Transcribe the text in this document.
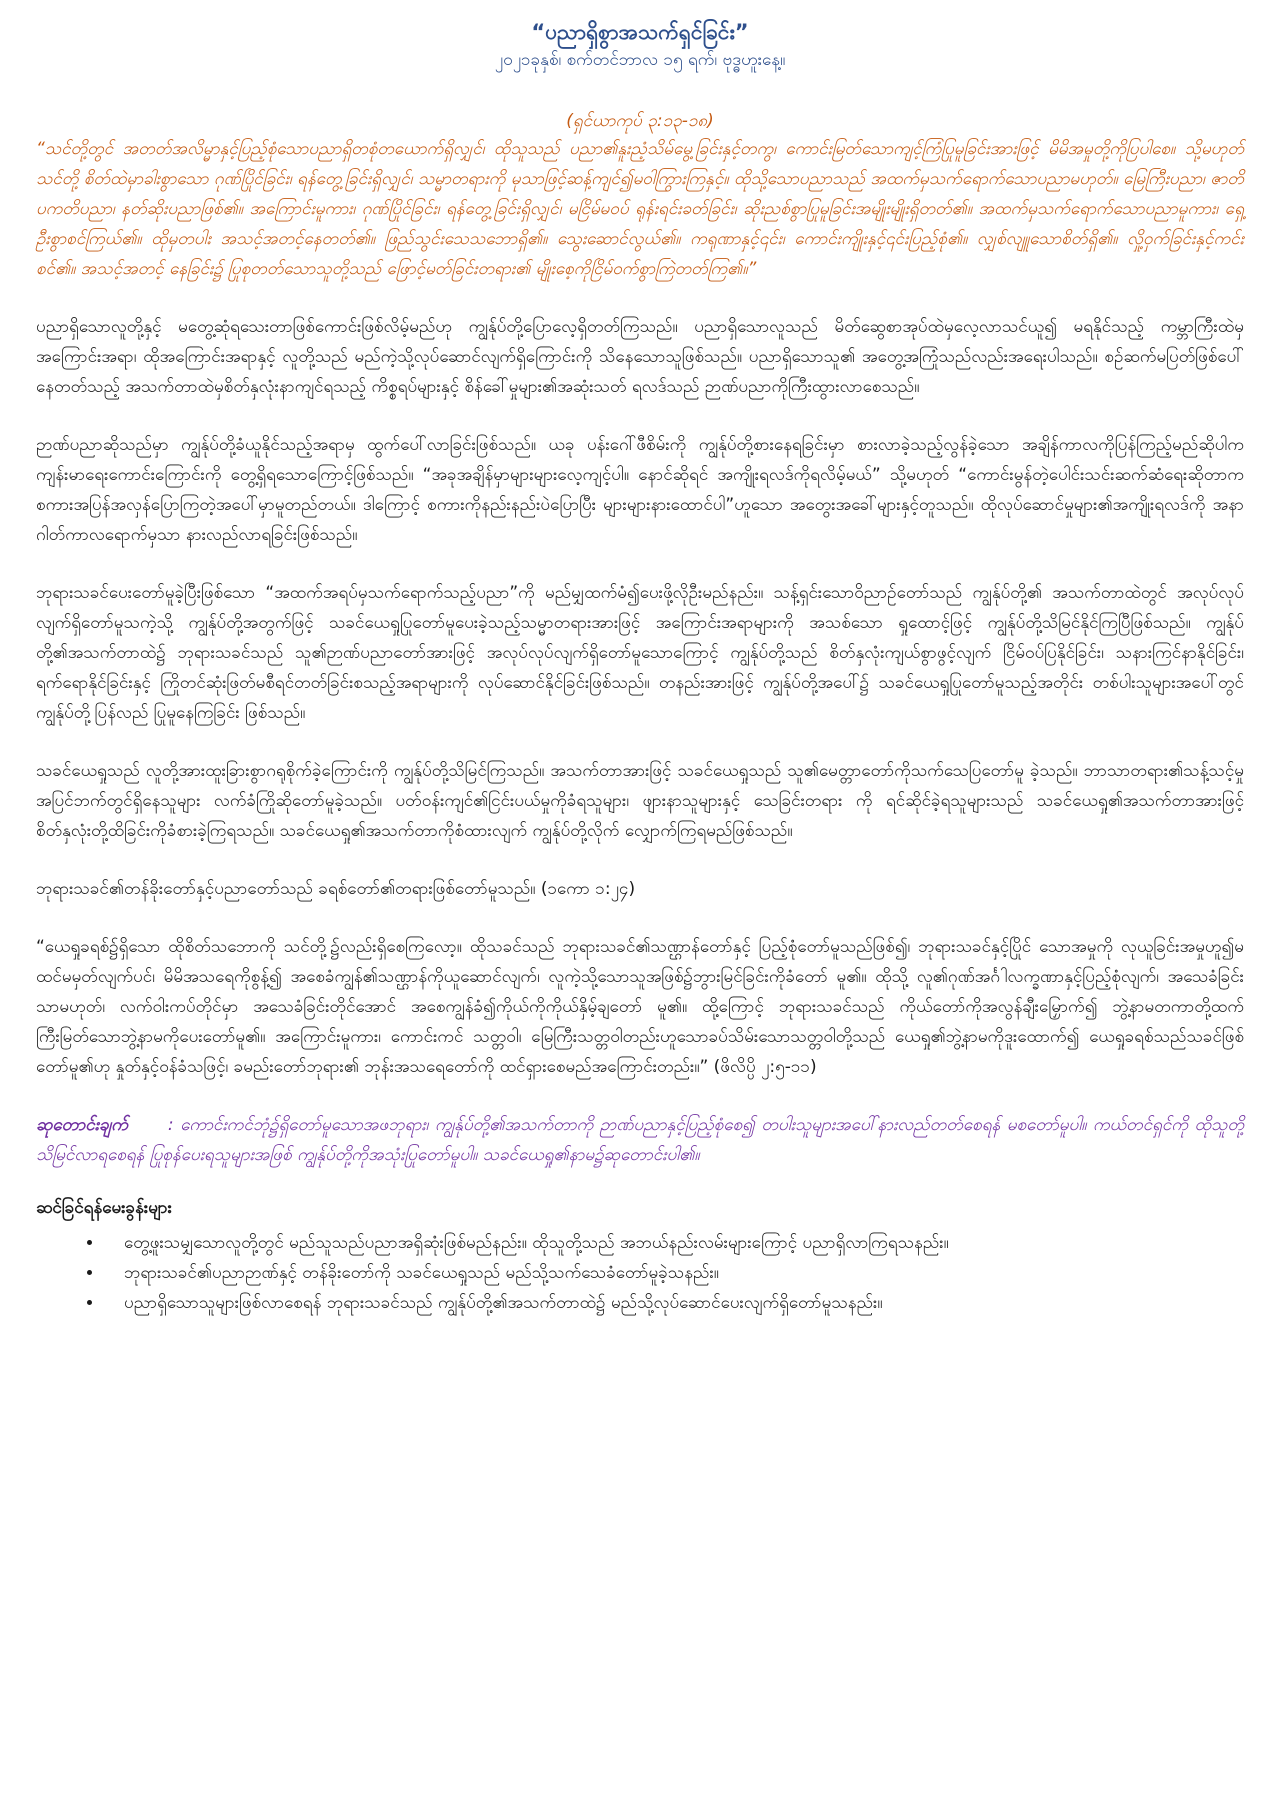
“ပညာရှိစွာအသက်ရှင်ခြင်း”
၂၀၂၁ခုနှစ်၊ စက်တင်ဘာလ ၁၅ ရက်၊ ဗုဒ္ဓဟူးနေ့။
(ရှင်ယာကုပ် ၃:၁၃-၁၈)

“သင်တို့တွင် အတတ်အလိမ္မာနှင့်ပြည့်စုံသောပညာရှိတစုံတယောက်ရှိလျှင်၊ ထိုသူသည် ပညာ၏နူးညံ့သိမ်မွေ့ခြင်းနှင့်တကွ၊ ကောင်းမြတ်သောကျင့်ကြံပြုမူခြင်းအားဖြင့် မိမိအမှုတို့ကိုပြပါစေ။ သို့မဟုတ် သင်တို့ စိတ်ထဲမှာခါးစွာသော ဂုဏ်ပြိုင်ခြင်း၊ ရန်တွေ့ခြင်းရှိလျှင်၊ သမ္မာတရားကို မုသာဖြင့်ဆန့်ကျင်၍မဝါကြွားကြနှင့်။ ထိုသို့သောပညာသည် အထက်မှသက်ရောက်သောပညာမဟုတ်။ မြေကြီးပညာ၊ ဇာတိပကတိပညာ၊ နတ်ဆိုးပညာဖြစ်၏။ အကြောင်းမူကား၊ ဂုဏ်ပြိုင်ခြင်း၊ ရန်တွေ့ခြင်းရှိလျှင်၊ မငြိမ်မဝပ် ရုန်းရင်းခတ်ခြင်း၊ ဆိုးညစ်စွာပြုမူခြင်းအမျိုးမျိုးရှိတတ်၏။ အထက်မှသက်ရောက်သောပညာမူကား၊ ရှေ့ဦးစွာစင်ကြယ်၏။ ထိုမှတပါး အသင့်အတင့်နေတတ်၏။ ဖြည်သွင်းသေသဘောရှိ၏။ သွေးဆောင်လွယ်၏။ ကရုဏာနှင့်၎င်း၊ ကောင်းကျိုးနှင့်၎င်းပြည့်စုံ၏။ လျှစ်လျူသောစိတ်ရှိ၏။ လှို့ဝှက်ခြင်းနှင့်ကင်းစင်၏။ အသင့်အတင့် နေခြင်း၌ ပြုစုတတ်သောသူတို့သည် ဖြောင့်မတ်ခြင်းတရား၏ မျိုးစေ့ကိုငြိမ်ဝက်စွာကြဲတတ်ကြ၏။”

ပညာရှိသောလူတို့နှင့် မတွေ့ဆုံရသေးတာဖြစ်ကောင်းဖြစ်လိမ့်မည်ဟု ကျွန်ုပ်တို့ပြောလေ့ရှိတတ်ကြသည်။ ပညာရှိသောလူသည် မိတ်ဆွေစာအုပ်ထဲမှလေ့လာသင်ယူ၍ မရနိုင်သည့် ကမ္ဘာကြီးထဲမှအကြောင်းအရာ၊ ထိုအကြောင်းအရာနှင့် လူတို့သည် မည်ကဲ့သို့လုပ်ဆောင်လျက်ရှိကြောင်းကို သိနေသောသူဖြစ်သည်။ ပညာရှိသောသူ၏ အတွေ့အကြုံသည်လည်းအရေးပါသည်။ စဉ်ဆက်မပြတ်ဖြစ်ပေါ်နေတတ်သည့် အသက်တာထဲမှစိတ်နှလုံးနာကျင်ရသည့် ကိစ္စရပ်များနှင့် စိန်ခေါ်မှုများ၏အဆုံးသတ် ရလဒ်သည် ဉာဏ်ပညာကိုကြီးထွားလာစေသည်။

ဉာဏ်ပညာဆိုသည်မှာ ကျွန်ုပ်တို့ခံယူနိုင်သည့်အရာမှ ထွက်ပေါ်လာခြင်းဖြစ်သည်။ ယခု ပန်းဂေါ်ဖီစိမ်းကို ကျွန်ုပ်တို့စားနေရခြင်းမှာ စားလာခဲ့သည့်လွန်ခဲ့သော အချိန်ကာလကိုပြန်ကြည့်မည်ဆိုပါက ကျန်းမာရေးကောင်းကြောင်းကို တွေ့ရှိရသောကြောင့်ဖြစ်သည်။ “အခုအချိန်မှာများများလေ့ကျင့်ပါ။ နောင်ဆိုရင် အကျိုးရလဒ်ကိုရလိမ့်မယ်” သို့မဟုတ် “ကောင်းမွန်တဲ့ပေါင်းသင်းဆက်ဆံရေးဆိုတာက စကားအပြန်အလှန်ပြောကြတဲ့အပေါ်မှာမူတည်တယ်။ ဒါကြောင့် စကားကိုနည်းနည်းပဲပြောပြီး များများနားထောင်ပါ”ဟူသော အတွေးအခေါ်များနှင့်တူသည်။ ထိုလုပ်ဆောင်မှုများ၏အကျိုးရလဒ်ကို အနာဂါတ်ကာလရောက်မှသာ နားလည်လာရခြင်းဖြစ်သည်။

ဘုရားသခင်ပေးတော်မူခဲ့ပြီးဖြစ်သော “အထက်အရပ်မှသက်ရောက်သည့်ပညာ”ကို မည်မျှထက်မံ၍ပေးဖို့လိုဦးမည်နည်း။ သန့်ရှင်းသောဝိညာဉ်တော်သည် ကျွန်ုပ်တို့၏ အသက်တာထဲတွင် အလုပ်လုပ်လျက်ရှိတော်မူသကဲ့သို့ ကျွန်ုပ်တို့အတွက်ဖြင့် သခင်ယေရှုပြုတော်မူပေးခဲ့သည့်သမ္မာတရားအားဖြင့် အကြောင်းအရာများကို အသစ်သော ရှုထောင့်ဖြင့် ကျွန်ုပ်တို့သိမြင်နိုင်ကြပြီဖြစ်သည်။ ကျွန်ုပ်တို့၏အသက်တာထဲ၌ ဘုရားသခင်သည် သူ၏ဉာဏ်ပညာတော်အားဖြင့် အလုပ်လုပ်လျက်ရှိတော်မူသောကြောင့် ကျွန်ုပ်တို့သည် စိတ်နှလုံးကျယ်စွာဖွင့်လျက် ငြိမ်ဝပ်ပြနိုင်ခြင်း၊ သနားကြင်နာနိုင်ခြင်း၊ ရက်ရောနိုင်ခြင်းနှင့် ကြိုတင်ဆုံးဖြတ်မစီရင်တတ်ခြင်းစသည့်အရာများကို လုပ်ဆောင်နိုင်ခြင်းဖြစ်သည်။ တနည်းအားဖြင့် ကျွန်ုပ်တို့အပေါ်၌ သခင်ယေရှုပြုတော်မူသည့်အတိုင်း တစ်ပါးသူများအပေါ်တွင် ကျွန်ုပ်တို့ပြန်လည် ပြုမူနေကြခြင်း ဖြစ်သည်။

သခင်ယေရှုသည် လူတို့အားထူးခြားစွာဂရုစိုက်ခဲ့ကြောင်းကို ကျွန်ုပ်တို့သိမြင်ကြသည်။ အသက်တာအားဖြင့် သခင်ယေရှုသည် သူ၏မေတ္တာတော်ကိုသက်သေပြတော်မူ ခဲ့သည်။ ဘာသာတရား၏သန့်သင့်မှုအပြင်ဘက်တွင်ရှိနေသူများ လက်ခံကြိုဆိုတော်မူခဲ့သည်။ ပတ်ဝန်းကျင်၏ငြင်းပယ်မှုကိုခံရသူများ၊ ဖျားနာသူများနှင့် သေခြင်းတရား ကို ရင်ဆိုင်ခဲ့ရသူများသည် သခင်ယေရှု၏အသက်တာအားဖြင့် စိတ်နှလုံးတို့ထိခြင်းကိုခံစားခဲ့ကြရသည်။ သခင်ယေရှု၏အသက်တာကိုစံထားလျက် ကျွန်ုပ်တို့လိုက် လျှောက်ကြရမည်ဖြစ်သည်။

ဘုရားသခင်၏တန်ခိုးတော်နှင့်ပညာတော်သည် ခရစ်တော်၏တရားဖြစ်တော်မူသည်။ (၁ကော ၁:၂၄)

“ယေရှုခရစ်၌ရှိသော ထိုစိတ်သဘောကို သင်တို့၌လည်းရှိစေကြလော့။ ထိုသခင်သည် ဘုရားသခင်၏သဏ္ဌာန်တော်နှင့် ပြည့်စုံတော်မူသည်ဖြစ်၍၊ ဘုရားသခင်နှင့်ပြိုင် သောအမှုကို လုယူခြင်းအမှုဟူ၍မထင်မမှတ်လျက်ပင်၊ မိမိအသရေကိုစွန့်၍ အစေခံကျွန်၏သဏ္ဌာန်ကိုယူဆောင်လျက်၊ လူကဲ့သို့သောသူအဖြစ်၌ဘွားမြင်ခြင်းကိုခံတော် မူ၏။ ထိုသို့ လူ၏ဂုဏ်အင်္ဂါလက္ခဏာနှင့်ပြည့်စုံလျက်၊ အသေခံခြင်းသာမဟုတ်၊ လက်ဝါးကပ်တိုင်မှာ အသေခံခြင်းတိုင်အောင် အစေကျွန်ခံ၍ကိုယ်ကိုကိုယ်နှိမ့်ချတော် မူ၏။ ထို့ကြောင့် ဘုရားသခင်သည် ကိုယ်တော်ကိုအလွန်ချီးမြှောက်၍ ဘွဲ့နာမတကာတို့ထက် ကြီးမြတ်သောဘွဲ့နာမကိုပေးတော်မူ၏။ အကြောင်းမူကား၊ ကောင်းကင် သတ္တဝါ၊ မြေကြီးသတ္တဝါတည်းဟူသောခပ်သိမ်းသောသတ္တဝါတို့သည် ယေရှု၏ဘွဲ့နာမကိုဒူးထောက်၍ ယေရှုခရစ်သည်သခင်ဖြစ်တော်မူ၏ဟု နှုတ်နှင့်ဝန်ခံသဖြင့်၊ ခမည်းတော်ဘုရား၏ ဘုန်းအသရေတော်ကို ထင်ရှားစေမည်အကြောင်းတည်း။” (ဖိလိပ္ပိ ၂:၅-၁၁)

ဆုတောင်းချက် : ကောင်းကင်ဘုံ၌ရှိတော်မူသောအဖဘုရား၊ ကျွန်ုပ်တို့၏အသက်တာကို ဉာဏ်ပညာနှင့်ပြည့်စုံစေ၍ တပါးသူများအပေါ်နားလည်တတ်စေရန် မစတော်မူပါ။ ကယ်တင်ရှင်ကို ထိုသူတို့သိမြင်လာရစေရန် ပြုစုန်ပေးရသူများအဖြစ် ကျွန်ုပ်တို့ကိုအသုံးပြုတော်မူပါ။ သခင်ယေရှု၏နာမ၌ဆုတောင်းပါ၏။

ဆင်ခြင်ရန်မေးခွန်းများ
• တွေ့ဖူးသမျှသောလူတို့တွင် မည်သူသည်ပညာအရှိဆုံးဖြစ်မည်နည်း။ ထိုသူတို့သည် အဘယ်နည်းလမ်းများကြောင့် ပညာရှိလာကြရသနည်း။
• ဘုရားသခင်၏ပညာဉာဏ်နှင့် တန်ခိုးတော်ကို သခင်ယေရှုသည် မည်သို့သက်သေခံတော်မူခဲ့သနည်း။
• ပညာရှိသောသူများဖြစ်လာစေရန် ဘုရားသခင်သည် ကျွန်ုပ်တို့၏အသက်တာထဲ၌ မည်သို့လုပ်ဆောင်ပေးလျက်ရှိတော်မူသနည်း။
